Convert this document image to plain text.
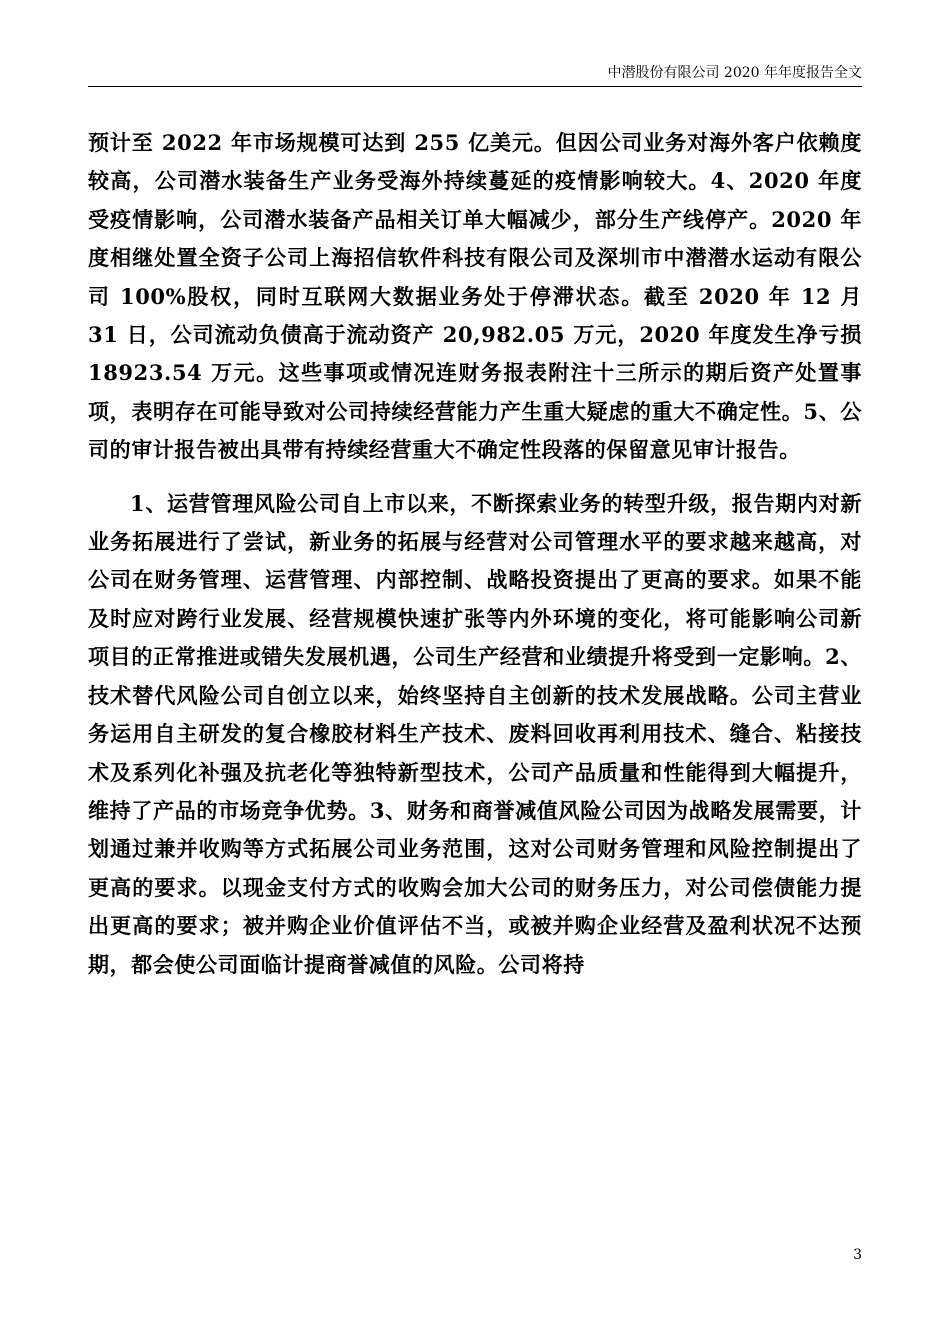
中潜股份有限公司 2020 年年度报告全文

预计至 2022 年市场规模可达到 255 亿美元。但因公司业务对海外客户依赖度较高，公司潜水装备生产业务受海外持续蔓延的疫情影响较大。4、2020 年度受疫情影响，公司潜水装备产品相关订单大幅减少，部分生产线停产。2020 年度相继处置全资子公司上海招信软件科技有限公司及深圳市中潜潜水运动有限公司 100%股权，同时互联网大数据业务处于停滞状态。截至 2020 年 12 月 31 日，公司流动负债高于流动资产 20,982.05 万元，2020 年度发生净亏损 18923.54 万元。这些事项或情况连财务报表附注十三所示的期后资产处置事项，表明存在可能导致对公司持续经营能力产生重大疑虑的重大不确定性。5、公司的审计报告被出具带有持续经营重大不确定性段落的保留意见审计报告。

1、运营管理风险公司自上市以来，不断探索业务的转型升级，报告期内对新业务拓展进行了尝试，新业务的拓展与经营对公司管理水平的要求越来越高，对公司在财务管理、运营管理、内部控制、战略投资提出了更高的要求。如果不能及时应对跨行业发展、经营规模快速扩张等内外环境的变化，将可能影响公司新项目的正常推进或错失发展机遇，公司生产经营和业绩提升将受到一定影响。2、技术替代风险公司自创立以来，始终坚持自主创新的技术发展战略。公司主营业务运用自主研发的复合橡胶材料生产技术、废料回收再利用技术、缝合、粘接技术及系列化补强及抗老化等独特新型技术，公司产品质量和性能得到大幅提升，维持了产品的市场竞争优势。3、财务和商誉减值风险公司因为战略发展需要，计划通过兼并收购等方式拓展公司业务范围，这对公司财务管理和风险控制提出了更高的要求。以现金支付方式的收购会加大公司的财务压力，对公司偿债能力提出更高的要求；被并购企业价值评估不当，或被并购企业经营及盈利状况不达预期，都会使公司面临计提商誉减值的风险。公司将持

3
